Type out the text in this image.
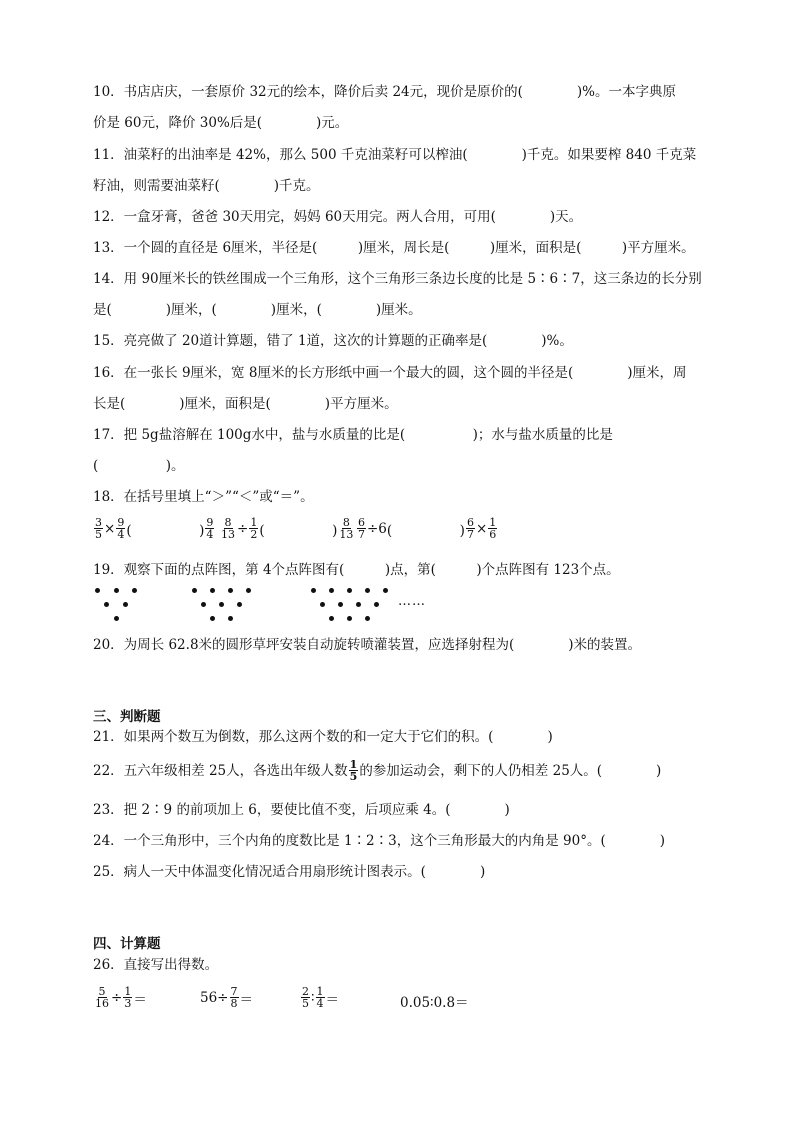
10．书店店庆，一套原价 32元的绘本，降价后卖 24元，现价是原价的(　　　　)%。一本字典原
价是 60元，降价 30%后是(　　　　)元。
11．油菜籽的出油率是 42%，那么 500 千克油菜籽可以榨油(　　　　)千克。如果要榨 840 千克菜
籽油，则需要油菜籽(　　　　)千克。
12．一盒牙膏，爸爸 30天用完，妈妈 60天用完。两人合用，可用(　　　　)天。
13．一个圆的直径是 6厘米，半径是(　　　)厘米，周长是(　　　)厘米，面积是(　　　)平方厘米。
14．用 90厘米长的铁丝围成一个三角形，这个三角形三条边长度的比是 5∶6∶7，这三条边的长分别
是(　　　　)厘米，(　　　　)厘米，(　　　　)厘米。
15．亮亮做了 20道计算题，错了 1道，这次的计算题的正确率是(　　　　)%。
16．在一张长 9厘米，宽 8厘米的长方形纸中画一个最大的圆，这个圆的半径是(　　　　)厘米，周
长是(　　　　)厘米，面积是(　　　　)平方厘米。
17．把 5g盐溶解在 100g水中，盐与水质量的比是(　　　　　)；水与盐水质量的比是
(　　　　　)。
18．在括号里填上“＞”“＜”或“＝”。
$\frac{3}{5} \times \frac{9}{4}$ (　　　　　) $\frac{9}{4} \frac{8}{13} \div \frac{1}{2}$ (　　　　　) $\frac{8}{13} \frac{6}{7} \div 6$ (　　　　　) $\frac{6}{7} \times \frac{1}{6}$
19．观察下面的点阵图，第 4个点阵图有(　　　)点，第(　　　)个点阵图有 123个点。
……
20．为周长 62.8米的圆形草坪安装自动旋转喷灌装置，应选择射程为(　　　　)米的装置。
三、判断题
21．如果两个数互为倒数，那么这两个数的和一定大于它们的积。(　　　　)
22．五六年级相差 25人，各选出年级人数 $\frac{1}{5}$ 的参加运动会，剩下的人仍相差 25人。(　　　　)
23．把 2∶9 的前项加上 6，要使比值不变，后项应乘 4。(　　　　)
24．一个三角形中，三个内角的度数比是 1∶2∶3，这个三角形最大的内角是 90°。(　　　　)
25．病人一天中体温变化情况适合用扇形统计图表示。(　　　　)
四、计算题
26．直接写出得数。
$\frac{5}{16} \div \frac{1}{3}$ ＝	$56\div \frac{7}{8}$ ＝	$\frac{2}{5}$ ∶ $\frac{1}{4}$ ＝	0.05∶0.8＝
